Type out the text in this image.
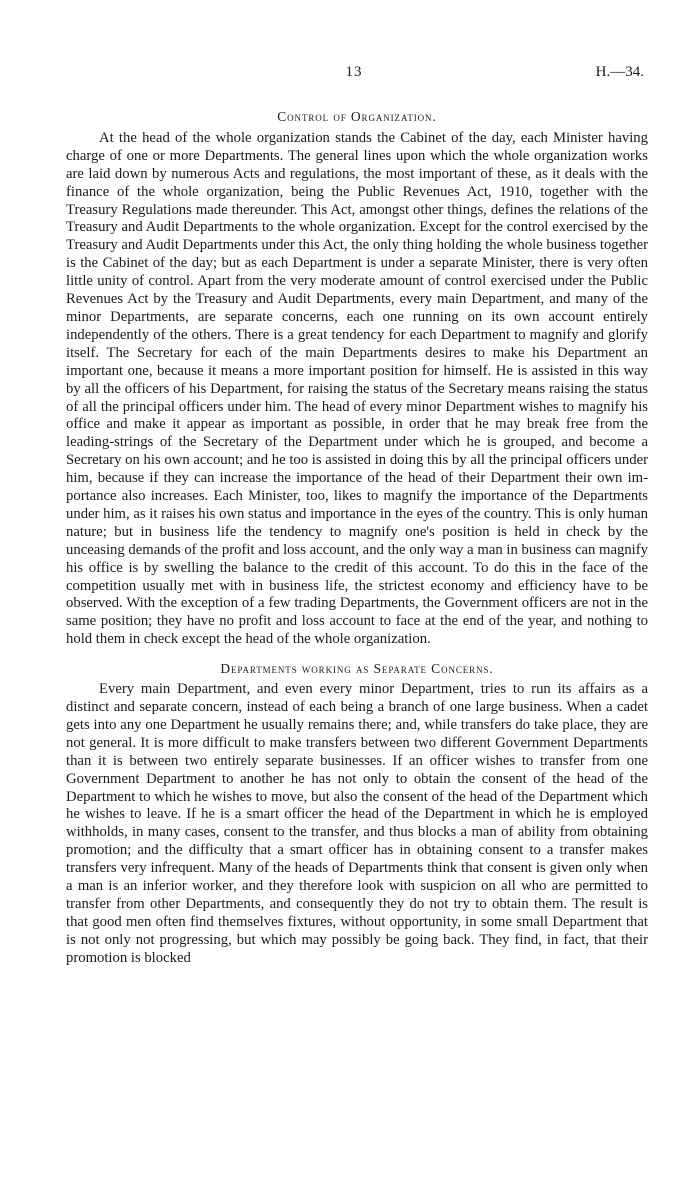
13	H.—34.
Control of Organization.

At the head of the whole organization stands the Cabinet of the day, each Minister having charge of one or more Departments. The general lines upon which the whole organization works are laid down by numerous Acts and regulations, the most important of these, as it deals with the finance of the whole organization, being the Public Revenues Act, 1910, together with the Treasury Regulations made thereunder. This Act, amongst other things, defines the relations of the Treasury and Audit Departments to the whole organization. Except for the control exercised by the Treasury and Audit Departments under this Act, the only thing holding the whole business together is the Cabinet of the day; but as each Department is under a separate Minister, there is very often little unity of control. Apart from the very moderate amount of control exercised under the Public Revenues Act by the Treasury and Audit Departments, every main Department, and many of the minor Departments, are separate concerns, each one running on its own account entirely independently of the others. There is a great tendency for each Department to magnify and glorify itself. The Secretary for each of the main Departments desires to make his Department an important one, because it means a more important position for himself. He is assisted in this way by all the officers of his Department, for raising the status of the Secretary means raising the status of all the principal officers under him. The head of every minor Department wishes to magnify his office and make it appear as important as possible, in order that he may break free from the leading-strings of the Secretary of the Department under which he is grouped, and become a Secretary on his own account; and he too is assisted in doing this by all the principal officers under him, because if they can increase the importance of the head of their Department their own importance also increases. Each Minister, too, likes to magnify the importance of the Departments under him, as it raises his own status and importance in the eyes of the country. This is only human nature; but in business life the tendency to magnify one's position is held in check by the unceasing demands of the profit and loss account, and the only way a man in business can magnify his office is by swelling the balance to the credit of this account. To do this in the face of the competition usually met with in business life, the strictest economy and efficiency have to be observed. With the exception of a few trading Departments, the Government officers are not in the same position; they have no profit and loss account to face at the end of the year, and nothing to hold them in check except the head of the whole organization.

Departments working as Separate Concerns.

Every main Department, and even every minor Department, tries to run its affairs as a distinct and separate concern, instead of each being a branch of one large business. When a cadet gets into any one Department he usually remains there; and, while transfers do take place, they are not general. It is more difficult to make transfers between two different Government Departments than it is between two entirely separate businesses. If an officer wishes to transfer from one Government Department to another he has not only to obtain the consent of the head of the Department to which he wishes to move, but also the consent of the head of the Department which he wishes to leave. If he is a smart officer the head of the Department in which he is employed withholds, in many cases, consent to the transfer, and thus blocks a man of ability from obtaining promotion; and the difficulty that a smart officer has in obtaining consent to a transfer makes transfers very infrequent. Many of the heads of Departments think that consent is given only when a man is an inferior worker, and they therefore look with suspicion on all who are permitted to transfer from other Departments, and consequently they do not try to obtain them. The result is that good men often find themselves fixtures, without opportunity, in some small Department that is not only not progressing, but which may possibly be going back. They find, in fact, that their promotion is blocked
